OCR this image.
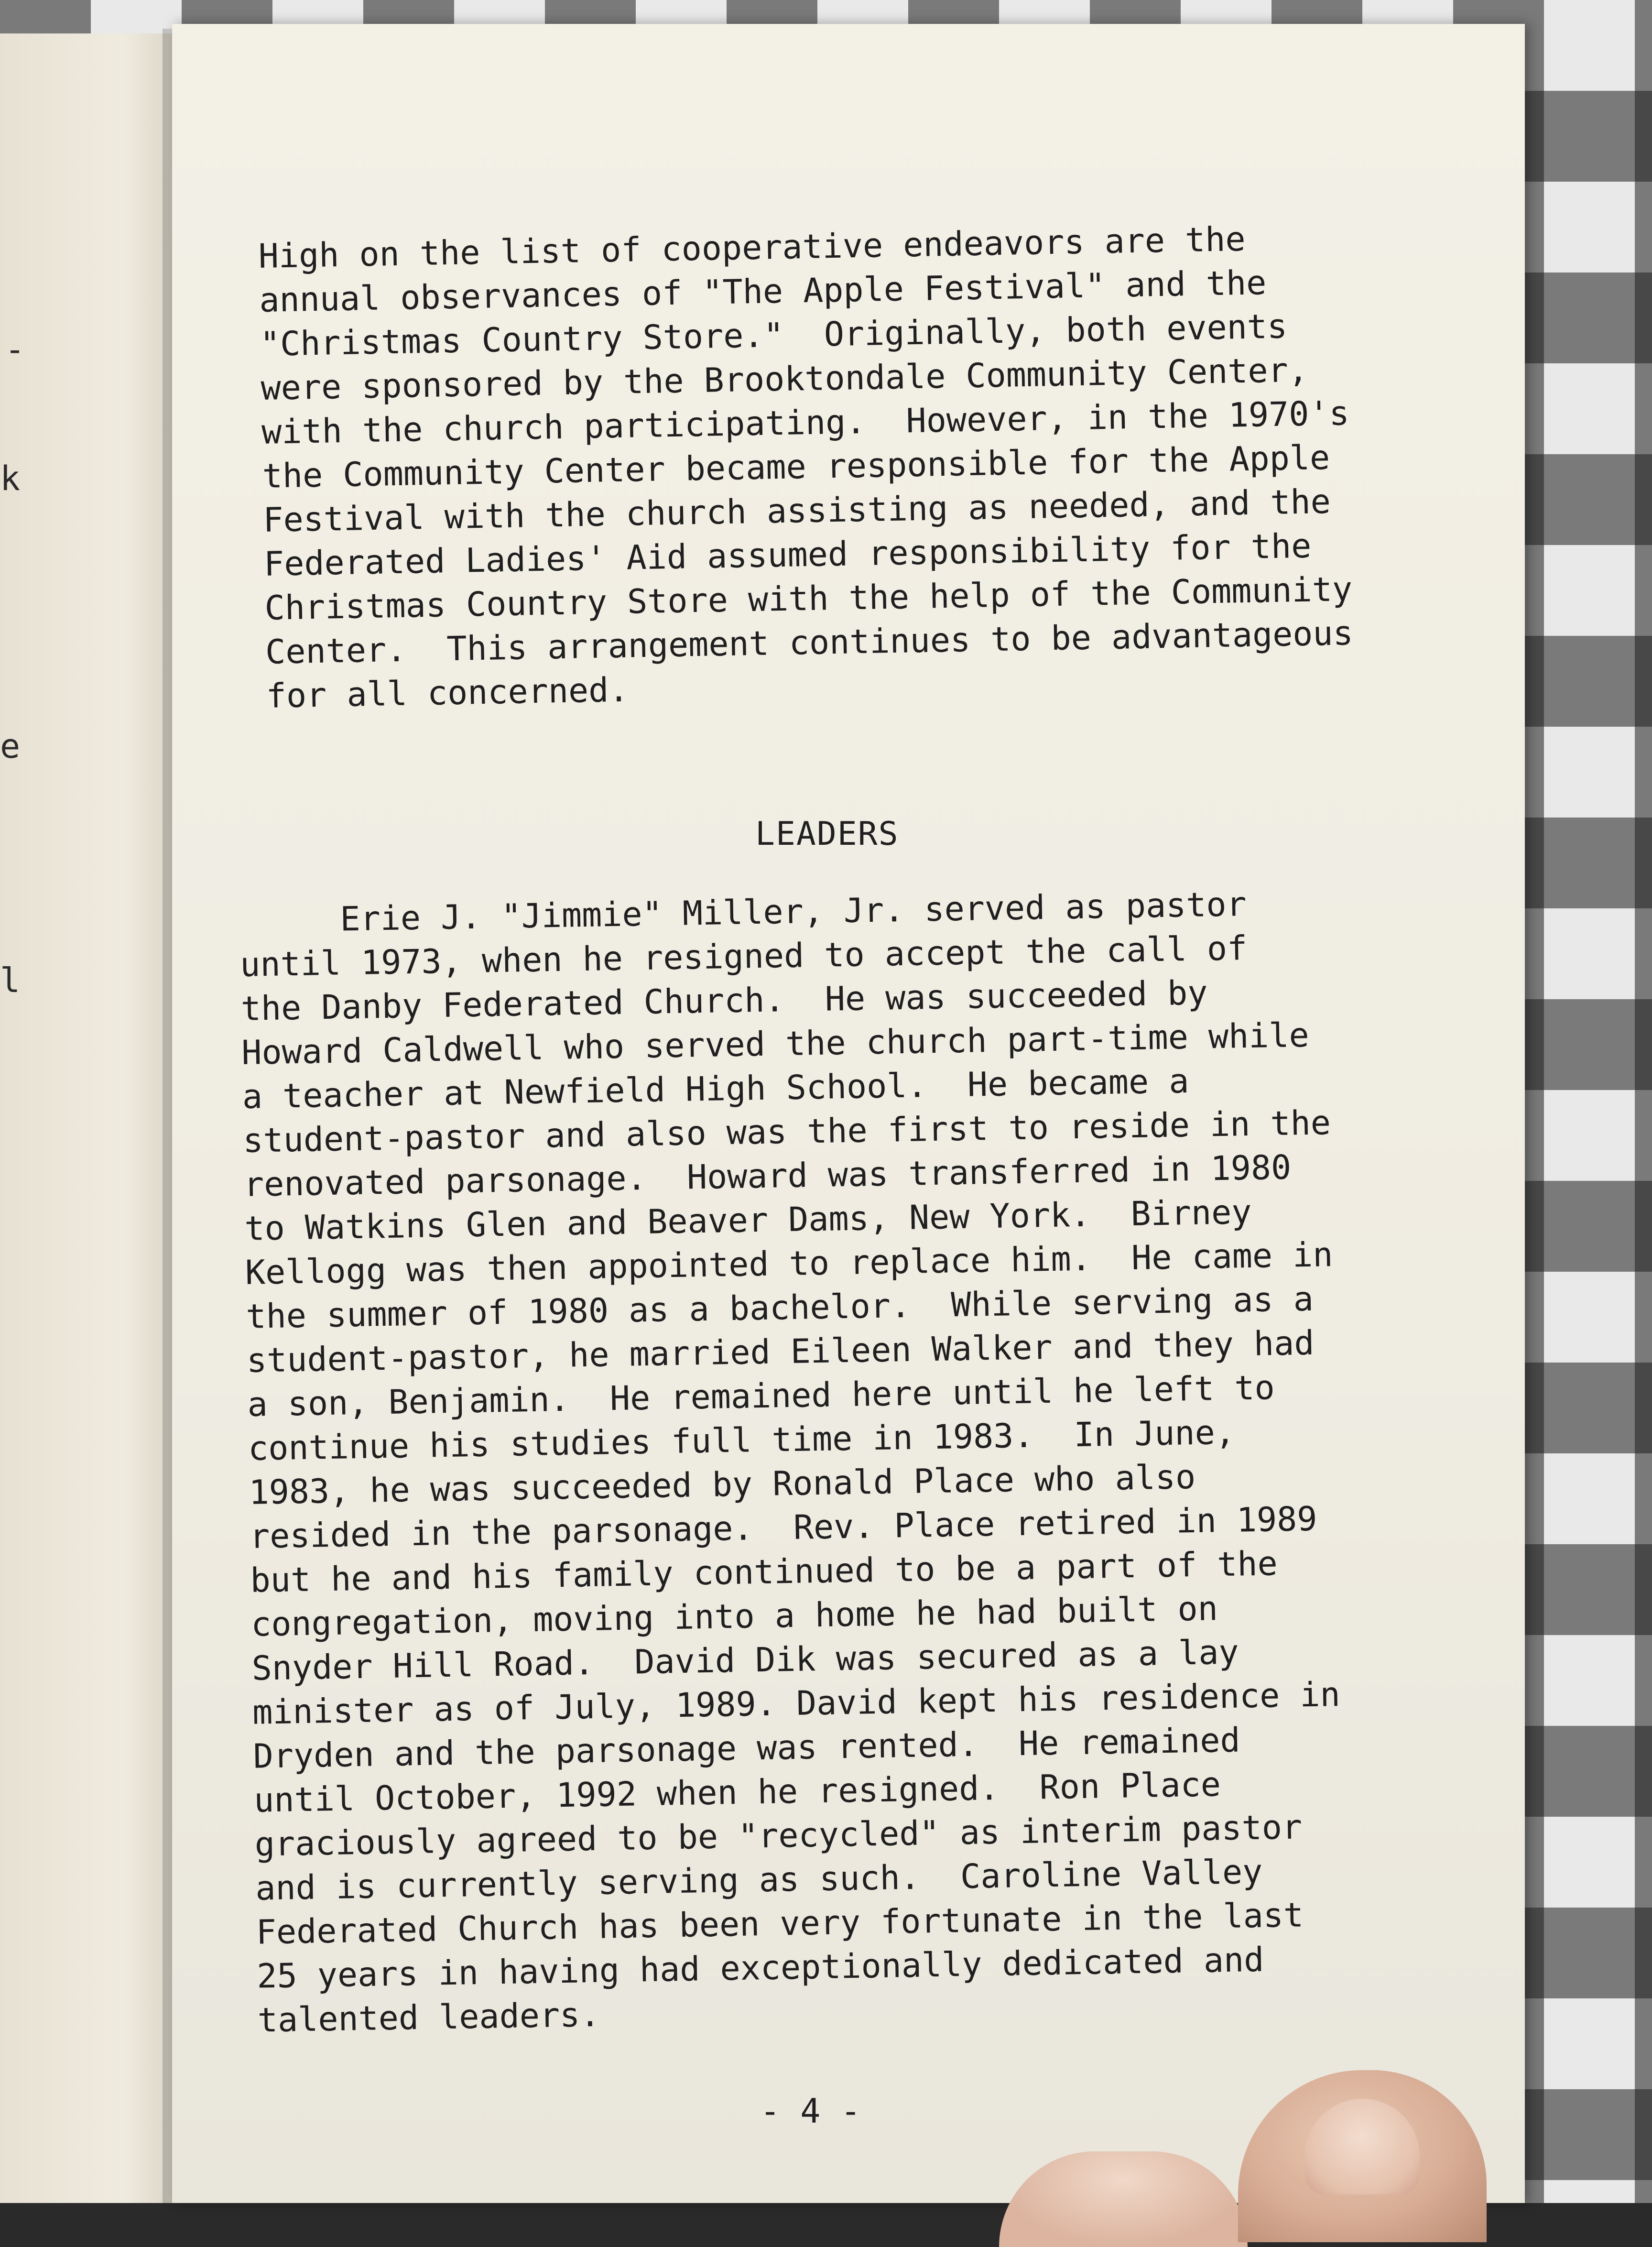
-
k
e
l

High on the list of cooperative endeavors are the

annual observances of "The Apple Festival" and the

"Christmas Country Store."  Originally, both events

were sponsored by the Brooktondale Community Center,

with the church participating.  However, in the 1970's

the Community Center became responsible for the Apple

Festival with the church assisting as needed, and the

Federated Ladies' Aid assumed responsibility for the

Christmas Country Store with the help of the Community

Center.  This arrangement continues to be advantageous

for all concerned.

LEADERS

Erie J. "Jimmie" Miller, Jr. served as pastor

until 1973, when he resigned to accept the call of

the Danby Federated Church.  He was succeeded by

Howard Caldwell who served the church part-time while

a teacher at Newfield High School.  He became a

student-pastor and also was the first to reside in the

renovated parsonage.  Howard was transferred in 1980

to Watkins Glen and Beaver Dams, New York.  Birney

Kellogg was then appointed to replace him.  He came in

the summer of 1980 as a bachelor.  While serving as a

student-pastor, he married Eileen Walker and they had

a son, Benjamin.  He remained here until he left to

continue his studies full time in 1983.  In June,

1983, he was succeeded by Ronald Place who also

resided in the parsonage.  Rev. Place retired in 1989

but he and his family continued to be a part of the

congregation, moving into a home he had built on

Snyder Hill Road.  David Dik was secured as a lay

minister as of July, 1989. David kept his residence in

Dryden and the parsonage was rented.  He remained

until October, 1992 when he resigned.  Ron Place

graciously agreed to be "recycled" as interim pastor

and is currently serving as such.  Caroline Valley

Federated Church has been very fortunate in the last

25 years in having had exceptionally dedicated and

talented leaders.

- 4 -
